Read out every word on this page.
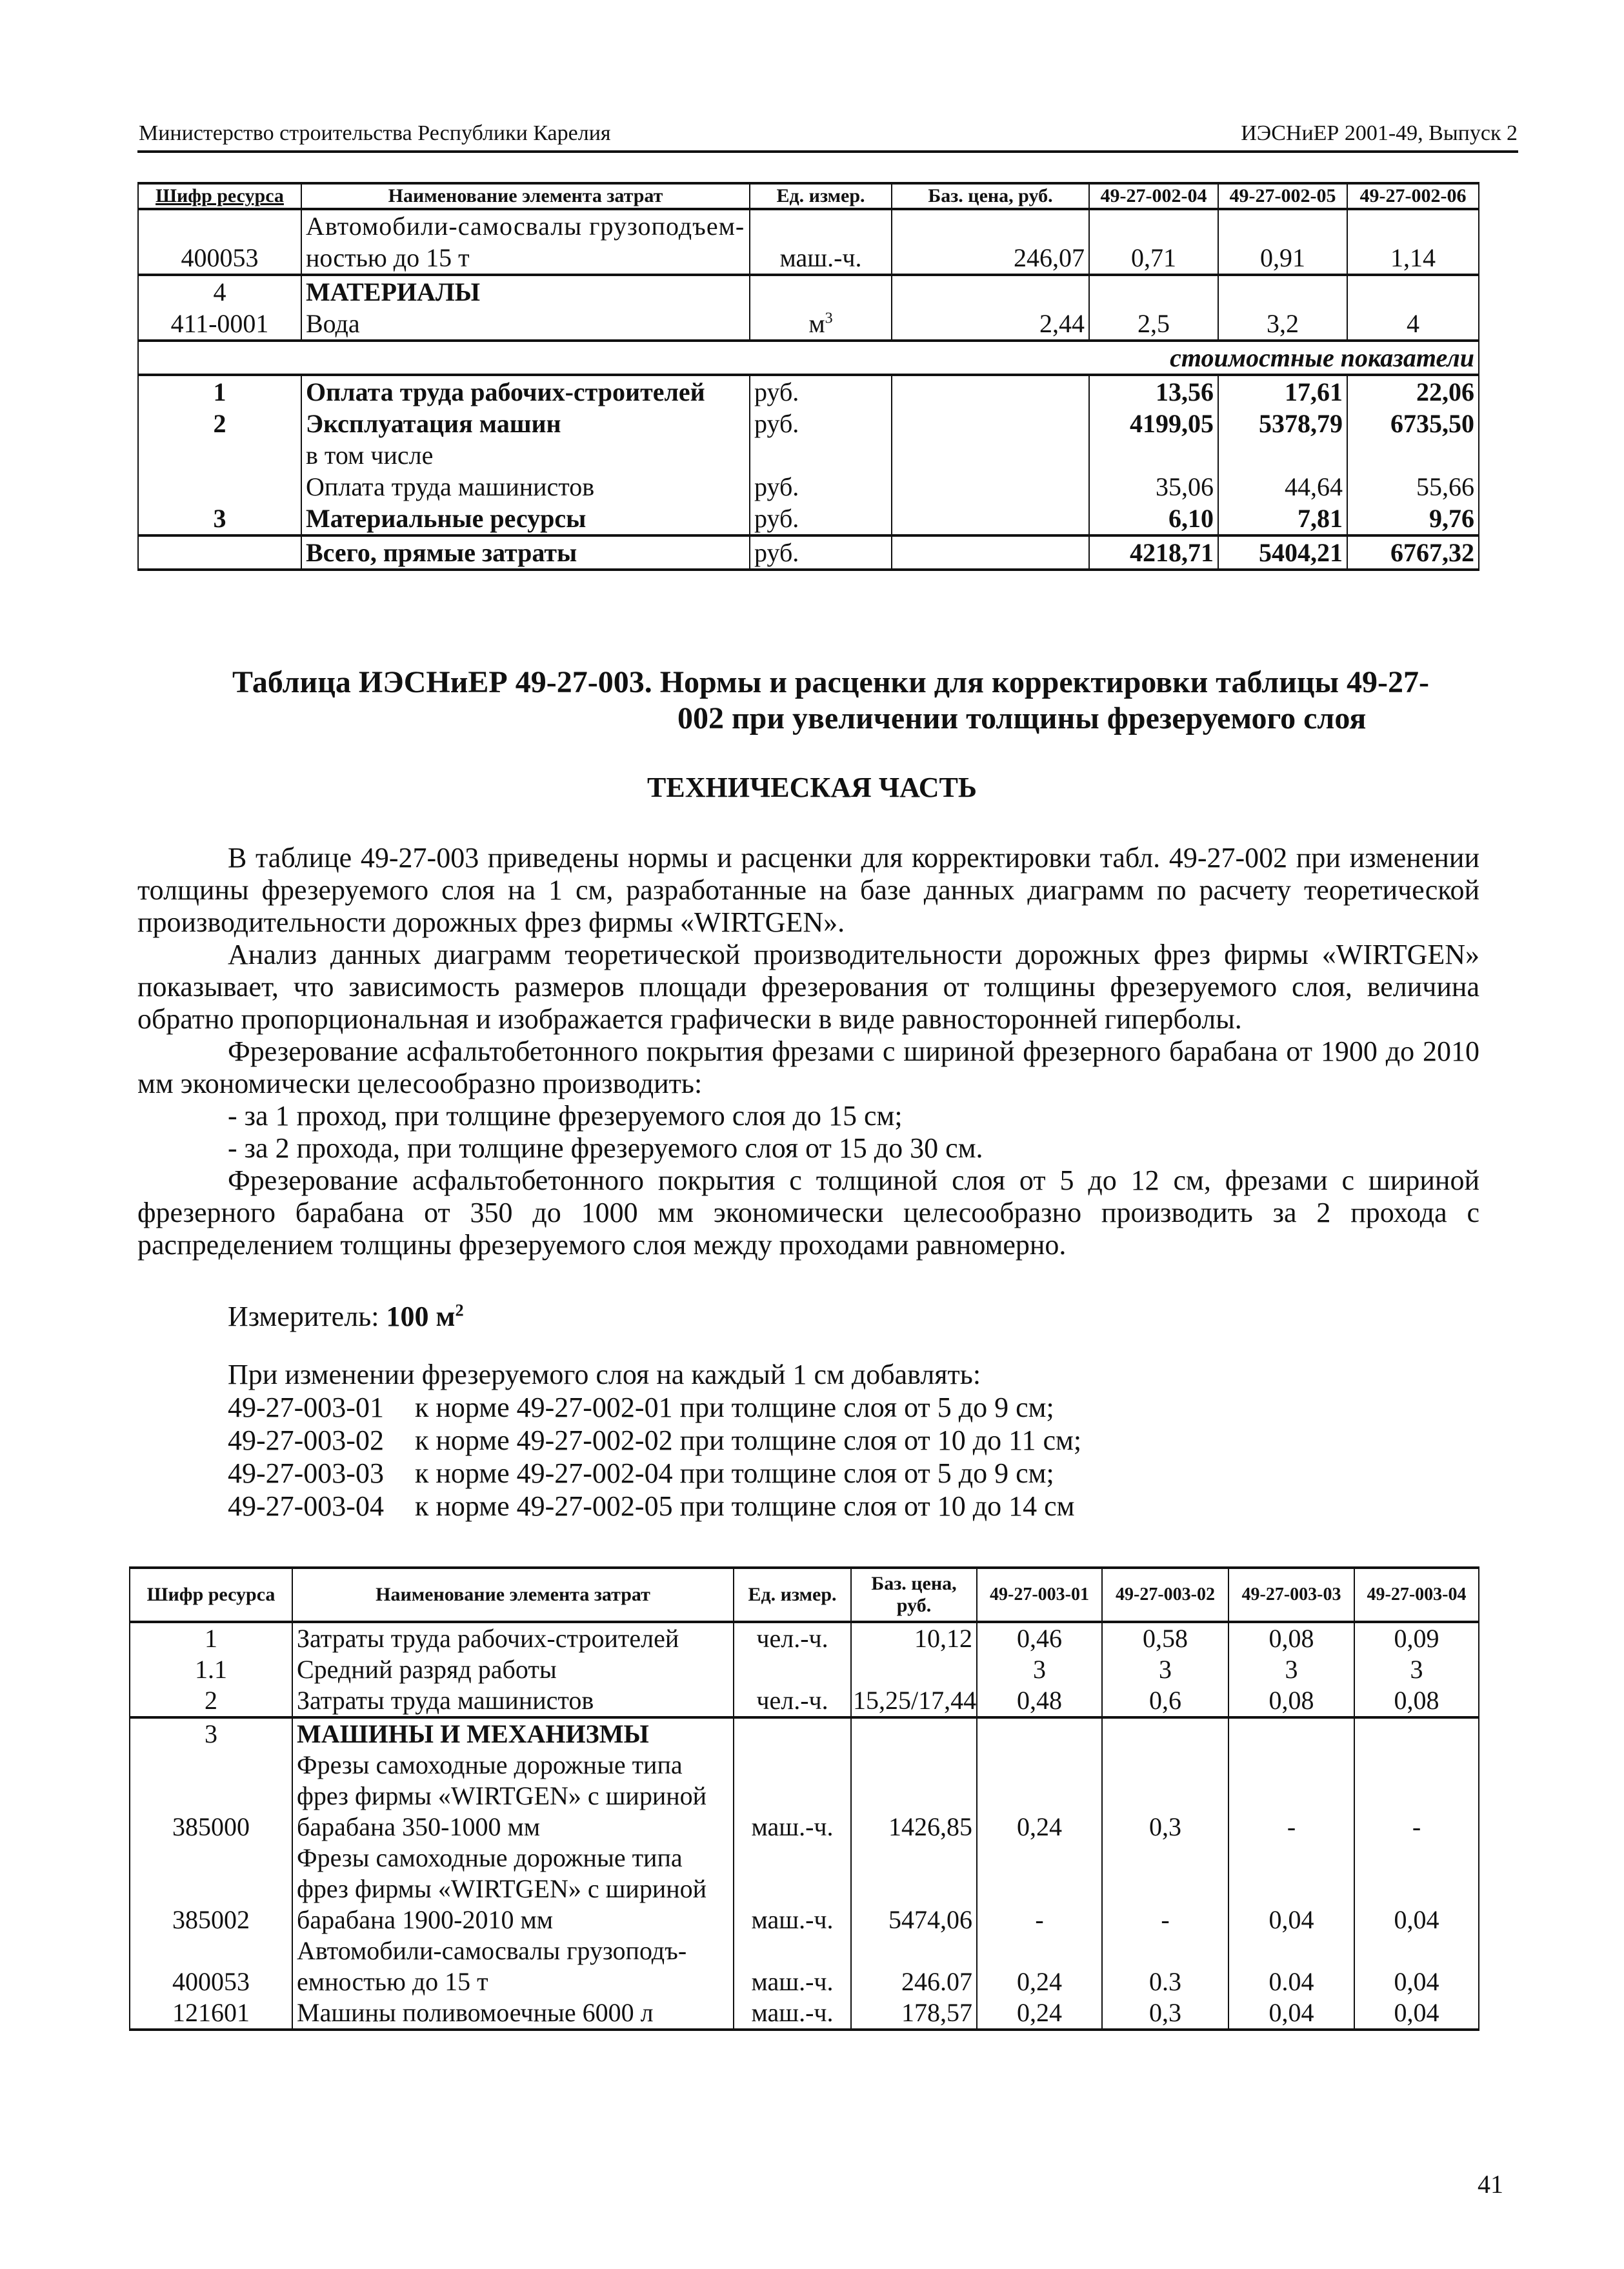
Министерство строительства Республики Карелия	ИЭСНиЕР 2001-49, Выпуск 2
Шифр ресурса	Наименование элемента затрат	Ед. измер.	Баз. цена, руб.	49-27-002-04	49-27-002-05	49-27-002-06
400053	Автомобили-самосвалы грузоподъем-
ностью до 15 т	маш.-ч.	246,07	0,71	0,91	1,14
4	МАТЕРИАЛЫ					
411-0001	Вода	$м^3$	2,44	2,5	3,2	4
стоимостные показатели						
1	Оплата труда рабочих-строителей	руб.		13,56	17,61	22,06
2	Эксплуатация машин	руб.		4199,05	5378,79	6735,50
	в том числе					
	Оплата труда машинистов	руб.		35,06	44,64	55,66
3	Материальные ресурсы	руб.		6,10	7,81	9,76
	Всего, прямые затраты	руб.		4218,71	5404,21	6767,32
Таблица ИЭСНиЕР 49-27-003. Нормы и расценки для корректировки таблицы 49-27-
002 при увеличении толщины фрезеруемого слоя
ТЕХНИЧЕСКАЯ ЧАСТЬ

В таблице 49-27-003 приведены нормы и расценки для корректировки табл. 49-27-002 при изменении толщины фрезеруемого слоя на 1 см, разработанные на базе данных диаграмм по расчету теоретической производительности дорожных фрез фирмы «WIRTGEN».

Анализ данных диаграмм теоретической производительности дорожных фрез фирмы «WIRTGEN» показывает, что зависимость размеров площади фрезерования от толщины фрезеруемого слоя, величина обратно пропорциональная и изображается графически в виде равносторонней гиперболы.

Фрезерование асфальтобетонного покрытия фрезами с шириной фрезерного барабана от 1900 до 2010 мм экономически целесообразно производить:

- за 1 проход, при толщине фрезеруемого слоя до 15 см;

- за 2 прохода, при толщине фрезеруемого слоя от 15 до 30 см.

Фрезерование асфальтобетонного покрытия с толщиной слоя от 5 до 12 см, фрезами с шириной фрезерного барабана от 350 до 1000 мм экономически целесообразно производить за 2 прохода с распределением толщины фрезеруемого слоя между проходами равномерно.

Измеритель: 100 $м^2$
При изменении фрезеруемого слоя на каждый 1 см добавлять:
49-27-003-01 к норме 49-27-002-01 при толщине слоя от 5 до 9 см;
49-27-003-02 к норме 49-27-002-02 при толщине слоя от 10 до 11 см;
49-27-003-03 к норме 49-27-002-04 при толщине слоя от 5 до 9 см;
49-27-003-04 к норме 49-27-002-05 при толщине слоя от 10 до 14 см
Шифр ресурса	Наименование элемента затрат	Ед. измер.	Баз. цена, руб.	49-27-003-01	49-27-003-02	49-27-003-03	49-27-003-04
1	Затраты труда рабочих-строителей	чел.-ч.	10,12	0,46	0,58	0,08	0,09
1.1	Средний разряд работы			3	3	3	3
2	Затраты труда машинистов	чел.-ч.	15,25/17,44	0,48	0,6	0,08	0,08
3	МАШИНЫ И МЕХАНИЗМЫ						
385000	Фрезы самоходные дорожные типа
фрез фирмы «WIRTGEN» с шириной
барабана 350-1000 мм	маш.-ч.	1426,85	0,24	0,3	-	-
385002	Фрезы самоходные дорожные типа
фрез фирмы «WIRTGEN» с шириной
барабана 1900-2010 мм	маш.-ч.	5474,06	-	-	0,04	0,04
400053	Автомобили-самосвалы грузоподъ-
емностью до 15 т	маш.-ч.	246.07	0,24	0.3	0.04	0,04
121601	Машины поливомоечные 6000 л	маш.-ч.	178,57	0,24	0,3	0,04	0,04
41
